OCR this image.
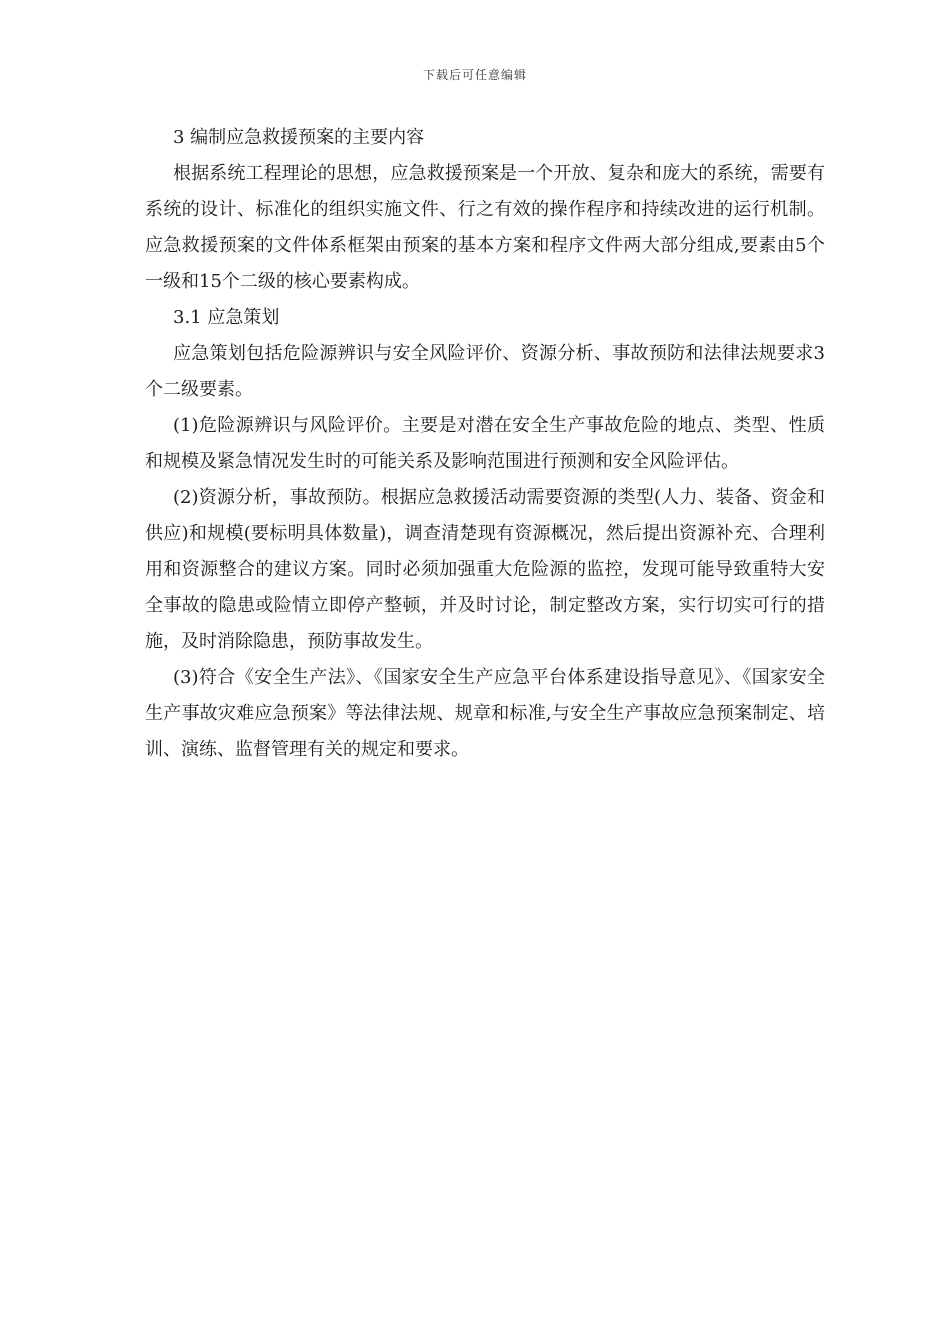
下载后可任意编辑

3 编制应急救援预案的主要内容

根据系统工程理论的思想，应急救援预案是一个开放、复杂和庞大的系统，需要有系统的设计、标准化的组织实施文件、行之有效的操作程序和持续改进的运行机制。应急救援预案的文件体系框架由预案的基本方案和程序文件两大部分组成,要素由5个一级和15个二级的核心要素构成。

3.1 应急策划

应急策划包括危险源辨识与安全风险评价、资源分析、事故预防和法律法规要求3个二级要素。

(1)危险源辨识与风险评价。主要是对潜在安全生产事故危险的地点、类型、性质和规模及紧急情况发生时的可能关系及影响范围进行预测和安全风险评估。

(2)资源分析，事故预防。根据应急救援活动需要资源的类型(人力、装备、资金和供应)和规模(要标明具体数量)，调查清楚现有资源概况，然后提出资源补充、合理利用和资源整合的建议方案。同时必须加强重大危险源的监控，发现可能导致重特大安全事故的隐患或险情立即停产整顿，并及时讨论，制定整改方案，实行切实可行的措施，及时消除隐患，预防事故发生。

(3)符合《安全生产法》、《国家安全生产应急平台体系建设指导意见》、《国家安全生产事故灾难应急预案》等法律法规、规章和标准,与安全生产事故应急预案制定、培训、演练、监督管理有关的规定和要求。
